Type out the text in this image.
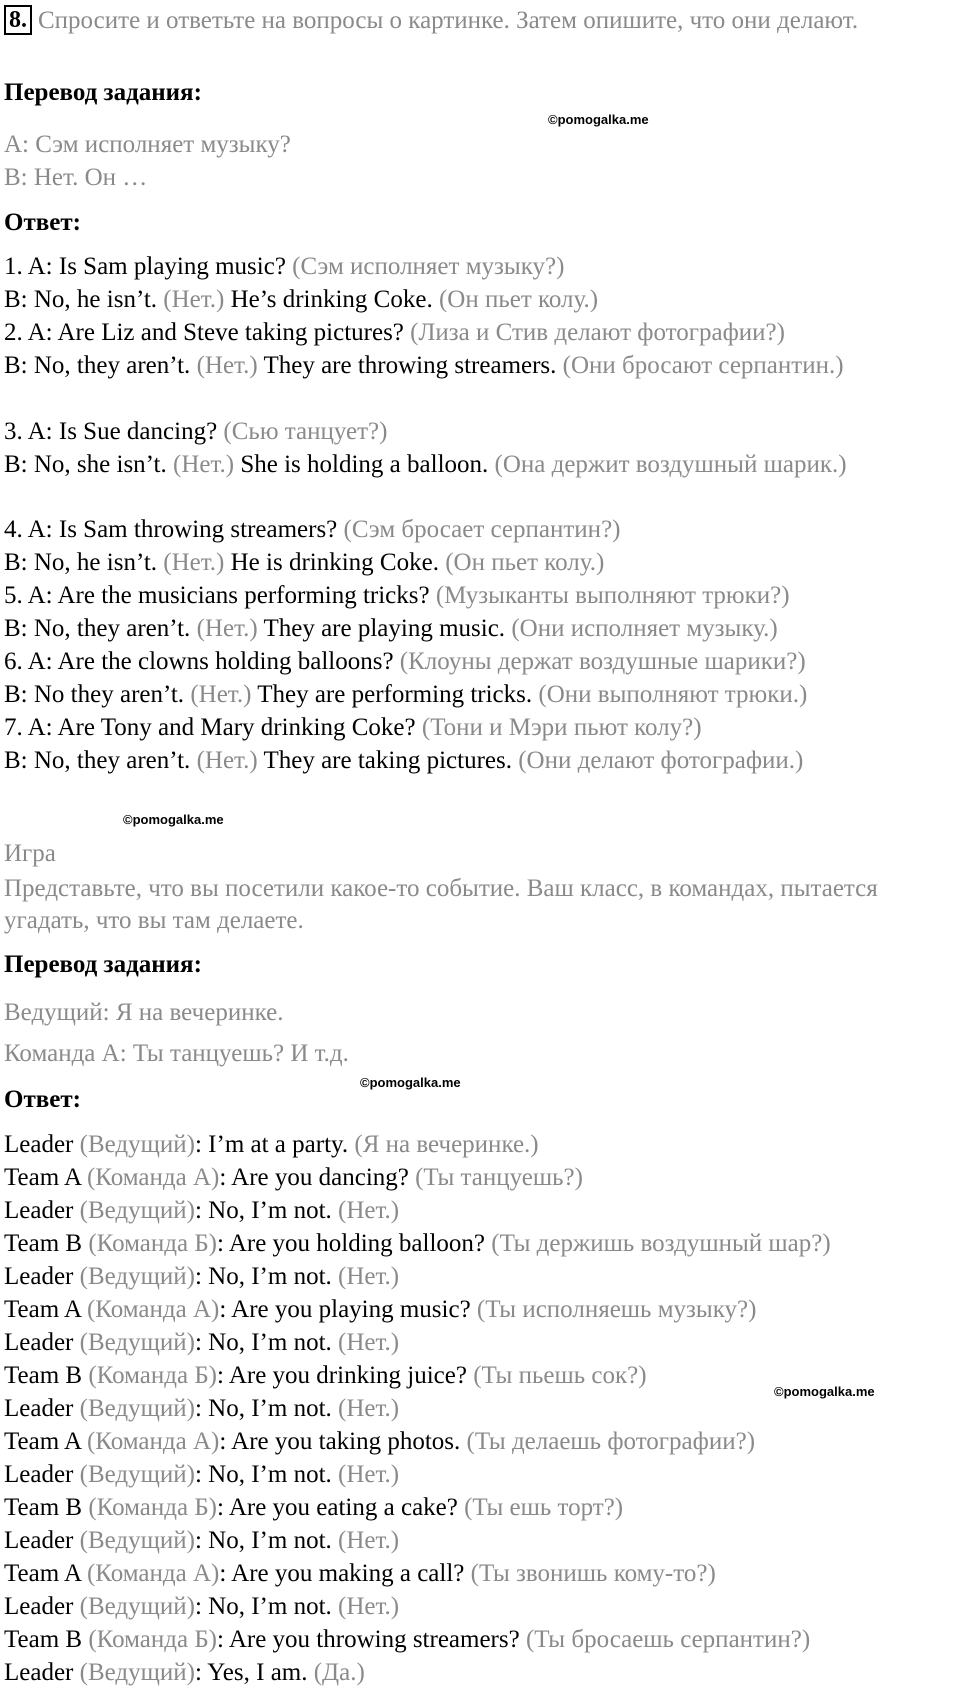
8. Спросите и ответьте на вопросы о картинке. Затем опишите, что они делают.
Перевод задания:
©pomogalka.me
A: Сэм исполняет музыку?
B: Нет. Он …
Ответ:
1. A: Is Sam playing music? (Сэм исполняет музыку?)
B: No, he isn’t. (Нет.) He’s drinking Coke. (Он пьет колу.)
2. A: Are Liz and Steve taking pictures? (Лиза и Стив делают фотографии?)
B: No, they aren’t. (Нет.) They are throwing streamers. (Они бросают серпантин.)
3. A: Is Sue dancing? (Сью танцует?)
B: No, she isn’t. (Нет.) She is holding a balloon. (Она держит воздушный шарик.)
4. A: Is Sam throwing streamers? (Сэм бросает серпантин?)
B: No, he isn’t. (Нет.) He is drinking Coke. (Он пьет колу.)
5. A: Are the musicians performing tricks? (Музыканты выполняют трюки?)
B: No, they aren’t. (Нет.) They are playing music. (Они исполняет музыку.)
6. A: Are the clowns holding balloons? (Клоуны держат воздушные шарики?)
B: No they aren’t. (Нет.) They are performing tricks. (Они выполняют трюки.)
7. A: Are Tony and Mary drinking Coke? (Тони и Мэри пьют колу?)
B: No, they aren’t. (Нет.) They are taking pictures. (Они делают фотографии.)
©pomogalka.me
Игра
Представьте, что вы посетили какое-то событие. Ваш класс, в командах, пытается угадать, что вы там делаете.
Перевод задания:
Ведущий: Я на вечеринке.
Команда А: Ты танцуешь? И т.д.
©pomogalka.me
Ответ:
Leader (Ведущий): I’m at a party. (Я на вечеринке.)
Team A (Команда А): Are you dancing? (Ты танцуешь?)
Leader (Ведущий): No, I’m not. (Нет.)
Team B (Команда Б): Are you holding balloon? (Ты держишь воздушный шар?)
Leader (Ведущий): No, I’m not. (Нет.)
Team A (Команда А): Are you playing music? (Ты исполняешь музыку?)
Leader (Ведущий): No, I’m not. (Нет.)
Team B (Команда Б): Are you drinking juice? (Ты пьешь сок?)
Leader (Ведущий): No, I’m not. (Нет.)
Team A (Команда А): Are you taking photos. (Ты делаешь фотографии?)
Leader (Ведущий): No, I’m not. (Нет.)
Team B (Команда Б): Are you eating a cake? (Ты ешь торт?)
Leader (Ведущий): No, I’m not. (Нет.)
Team A (Команда А): Are you making a call? (Ты звонишь кому-то?)
Leader (Ведущий): No, I’m not. (Нет.)
Team B (Команда Б): Are you throwing streamers? (Ты бросаешь серпантин?)
Leader (Ведущий): Yes, I am. (Да.)
©pomogalka.me
